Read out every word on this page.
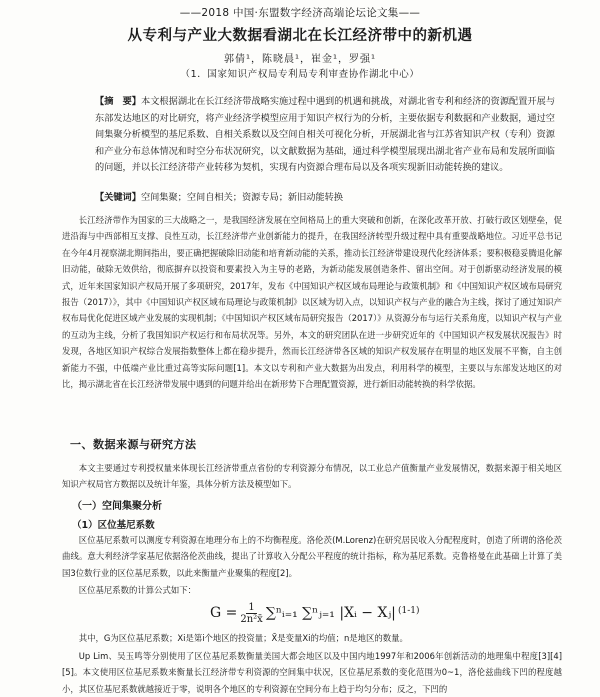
——2018 中国·东盟数字经济高端论坛论文集——
从专利与产业大数据看湖北在长江经济带中的新机遇
郭倩¹，陈晓晨¹，崔金¹，罗强¹
（1．国家知识产权局专利局专利审查协作湖北中心）
【摘　要】本文根据湖北在长江经济带战略实施过程中遇到的机遇和挑战，对湖北省专利和经济的资源配置开展与东部发达地区的对比研究，将产业经济学模型应用于知识产权行为的分析，主要依据专利数据和产业数据，通过空间集聚分析模型的基尼系数、自相关系数以及空间自相关可视化分析，开展湖北省与江苏省知识产权（专利）资源和产业分布总体情况和时空分布状况研究，以文献数据为基础，通过科学模型展现出湖北省产业布局和发展所面临的问题，并以长江经济带产业转移为契机，实现有内资源合理布局以及各项实现新旧动能转换的建议。
【关键词】空间集聚；空间自相关；资源专局；新旧动能转换

长江经济带作为国家的三大战略之一，是我国经济发展在空间格局上的重大突破和创新，在深化改革开放、打破行政区划壁垒，促进沿海与中西部相互支撑、良性互动，长江经济带产业创新能力的提升，在我国经济转型升级过程中具有重要战略地位。习近平总书记在今年4月视察湖北期间指出，要正确把握破除旧动能和培育新动能的关系，推动长江经济带建设现代化经济体系；要积极稳妥腾退化解旧动能，破除无效供给，彻底摒弃以投资和要素投入为主导的老路，为新动能发展创造条件、留出空间。对于创新驱动经济发展的模式，近年来国家知识产权局开展了多项研究，2017年，发布《中国知识产权区域布局理论与政策机制》和《中国知识产权区域布局研究报告（2017）》，其中《中国知识产权区域布局理论与政策机制》以区域为切入点，以知识产权与产业的融合为主线，探讨了通过知识产权布局优化促进区域产业发展的实现机制；《中国知识产权区域布局研究报告（2017）》从资源分布与运行关系角度，以知识产权与产业的互动为主线，分析了我国知识产权运行和布局状况等。另外，本文的研究团队在进一步研究近年的《中国知识产权发展状况报告》时发现，各地区知识产权综合发展指数整体上都在稳步提升，然而长江经济带各区域的知识产权发展存在明显的地区发展不平衡，自主创新能力不强，中低端产业比重过高等实际问题[1]。本文以专利和产业大数据为出发点，利用科学的模型，主要以与东部发达地区的对比，揭示湖北省在长江经济带发展中遇到的问题并给出在新形势下合理配置资源，进行新旧动能转换的科学依据。

一、数据来源与研究方法

本文主要通过专利授权量来体现长江经济带重点省份的专利资源分布情况，以工业总产值衡量产业发展情况，数据来源于相关地区知识产权局官方数据以及统计年鉴，具体分析方法及模型如下。

（一）空间集聚分析
（1）区位基尼系数

区位基尼系数可以测度专利资源在地理分布上的不均衡程度。洛伦茨(M.Lorenz)在研究居民收入分配程度时，创造了所谓的洛伦茨曲线。意大利经济学家基尼依据洛伦茨曲线，提出了计算收入分配公平程度的统计指标，称为基尼系数。克鲁格曼在此基础上计算了美国3位数行业的区位基尼系数，以此来衡量产业聚集的程度[2]。

区位基尼系数的计算公式如下：

$G = \frac{1}{\text{2n²x̄}}$ ∑ⁿᵢ₌₁ ∑ⁿⱼ₌₁ |Xᵢ − Xⱼ| (1-1)

其中，G为区位基尼系数；Xi是第i个地区的投资量；X̄是变量Xi的均值；n是地区的数量。

Up Lim、吴玉鸣等分别使用了区位基尼系数衡量美国大都会地区以及中国内地1997年和2006年创新活动的地理集中程度[3][4][5]。本文使用区位基尼系数来衡量长江经济带专利资源的空间集中状况，区位基尼系数的变化范围为0~1，洛伦兹曲线下凹的程度越小，其区位基尼系数就越接近于零，说明各个地区的专利资源在空间分布上趋于均匀分布；反之，下凹的
